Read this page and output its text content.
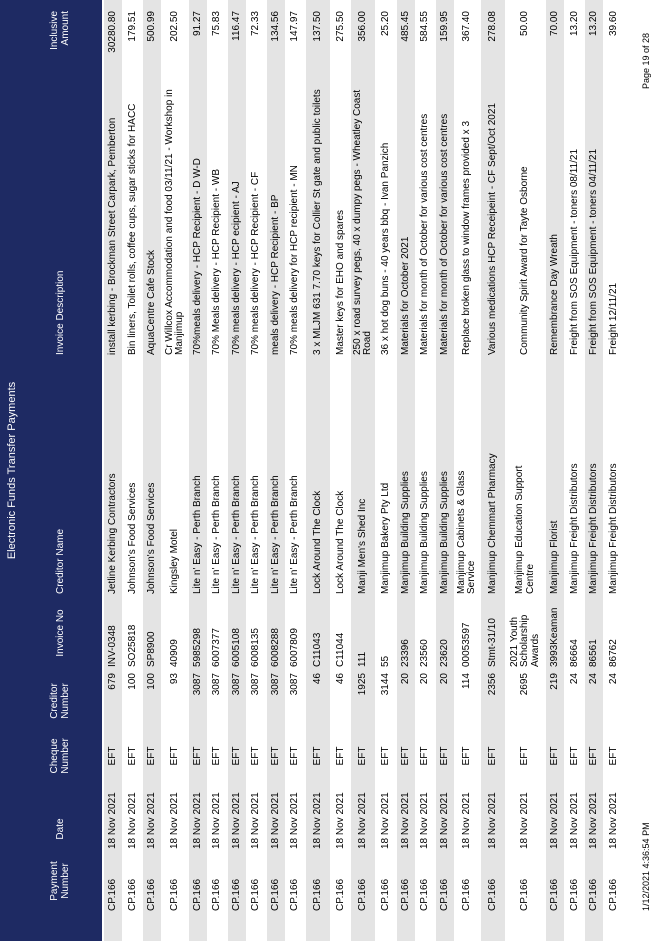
Electronic Funds Transfer Payments
Payment Number
Date
Cheque Number
Creditor Number
Invoice No
Creditor Name
Invoice Description
Inclusive Amount
CP.166
18 Nov 2021
EFT
679
INV-0348
Jetline Kerbing Contractors
install kerbing - Brockman Street Carpark, Pemberton
30280.80
CP.166
18 Nov 2021
EFT
100
SO25818
Johnson's Food Services
Bin liners, Toilet rolls, coffee cups, sugar sticks for HACC
179.51
CP.166
18 Nov 2021
EFT
100
SP8900
Johnson's Food Services
AquaCentre Cafe Stock
500.99
CP.166
18 Nov 2021
EFT
93
40909
Kingsley Motel
Cr Willcox Accommodation and food 03/11/21 - Workshop in Manjimup
202.50
CP.166
18 Nov 2021
EFT
3087
5985298
Lite n' Easy - Perth Branch
70%meals delivery - HCP Recipient - D W-D
91.27
CP.166
18 Nov 2021
EFT
3087
6007377
Lite n' Easy - Perth Branch
70% Meals delivery - HCP Recipient - WB
75.83
CP.166
18 Nov 2021
EFT
3087
6005108
Lite n' Easy - Perth Branch
70% meals delivery - HCP ecipient - AJ
116.47
CP.166
18 Nov 2021
EFT
3087
6008135
Lite n' Easy - Perth Branch
70% meals delivery - HCP Recipient - CF
72.33
CP.166
18 Nov 2021
EFT
3087
6008288
Lite n' Easy - Perth Branch
meals delivery - HCP Recipient - BP
134.56
CP.166
18 Nov 2021
EFT
3087
6007809
Lite n' Easy - Perth Branch
70% meals delivery for HCP recipient - MN
147.97
CP.166
18 Nov 2021
EFT
46
C11043
Lock Around The Clock
3 x MLJM 631 7.70 keys for Collier St gate and public toilets
137.50
CP.166
18 Nov 2021
EFT
46
C11044
Lock Around The Clock
Master keys for EHO and spares
275.50
CP.166
18 Nov 2021
EFT
1925
111
Manji Men's Shed Inc
250 x road survey pegs, 40 x dumpy pegs - Wheatley Coast Road
356.00
CP.166
18 Nov 2021
EFT
3144
55
Manjimup Bakery Pty Ltd
36 x hot dog buns - 40 years bbq - Ivan Panzich
25.20
CP.166
18 Nov 2021
EFT
20
23396
Manjimup Building Supplies
Materials for October 2021
485.45
CP.166
18 Nov 2021
EFT
20
23560
Manjimup Building Supplies
Materials for month of October for various cost centres
584.55
CP.166
18 Nov 2021
EFT
20
23620
Manjimup Building Supplies
Materials for month of October for various cost centres
159.95
CP.166
18 Nov 2021
EFT
114
00053597
Manjimup Cabinets & Glass Service
Replace broken glass to window frames provided x 3
367.40
CP.166
18 Nov 2021
EFT
2356
Stmt-31/10
Manjimup Chemmart Pharmacy
Various medications HCP Receipeint - CF Sept/Oct 2021
278.08
CP.166
18 Nov 2021
EFT
2695
2021 Youth Scholarship Awards
Manjimup Education Support Centre
Community Spirit Award for Tayte Osborne
50.00
CP.166
18 Nov 2021
EFT
219
3993Keaman
Manjimup Florist
Remembrance Day Wreath
70.00
CP.166
18 Nov 2021
EFT
24
86664
Manjimup Freight Distributors
Freight from SOS Equipment - toners 08/11/21
13.20
CP.166
18 Nov 2021
EFT
24
86561
Manjimup Freight Distributors
Freight from SOS Equipment - toners 04/11/21
13.20
CP.166
18 Nov 2021
EFT
24
86762
Manjimup Freight Distributors
Freight 12/11/21
39.60
1/12/2021 4:36:54 PM
Page 19 of 28
